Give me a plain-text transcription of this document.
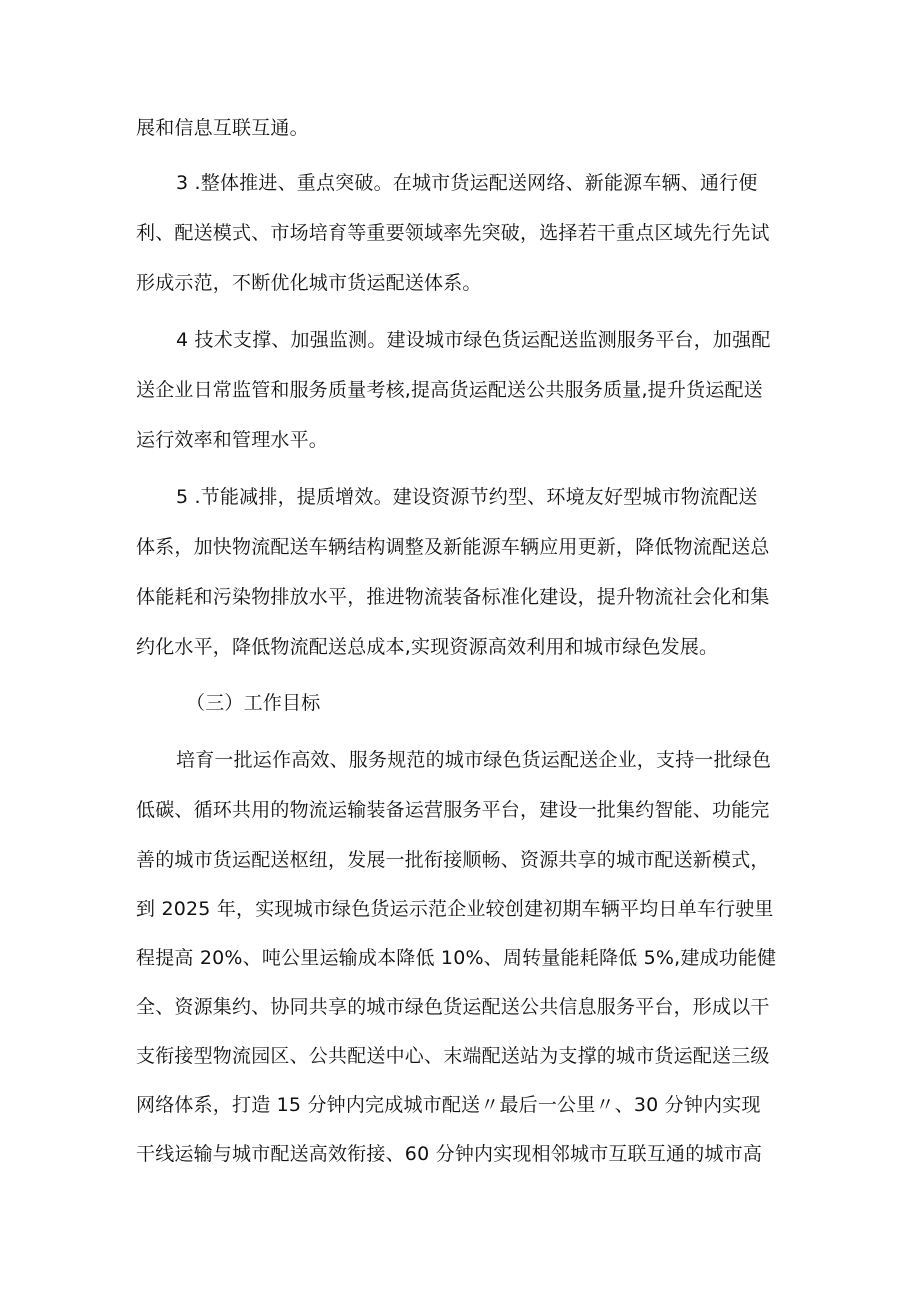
展和信息互联互通。
3 .整体推进、重点突破。在城市货运配送网络、新能源车辆、通行便
利、配送模式、市场培育等重要领域率先突破，选择若干重点区域先行先试
形成示范，不断优化城市货运配送体系。
4 技术支撑、加强监测。建设城市绿色货运配送监测服务平台，加强配
送企业日常监管和服务质量考核,提高货运配送公共服务质量,提升货运配送
运行效率和管理水平。
5 .节能减排，提质增效。建设资源节约型、环境友好型城市物流配送
体系，加快物流配送车辆结构调整及新能源车辆应用更新，降低物流配送总
体能耗和污染物排放水平，推进物流装备标准化建设，提升物流社会化和集
约化水平，降低物流配送总成本,实现资源高效利用和城市绿色发展。
（三）工作目标
培育一批运作高效、服务规范的城市绿色货运配送企业，支持一批绿色
低碳、循环共用的物流运输装备运营服务平台，建设一批集约智能、功能完
善的城市货运配送枢纽，发展一批衔接顺畅、资源共享的城市配送新模式，
到 2025 年，实现城市绿色货运示范企业较创建初期车辆平均日单车行驶里
程提高 20%、吨公里运输成本降低 10%、周转量能耗降低 5%,建成功能健
全、资源集约、协同共享的城市绿色货运配送公共信息服务平台，形成以干
支衔接型物流园区、公共配送中心、末端配送站为支撑的城市货运配送三级
网络体系，打造 15 分钟内完成城市配送〃最后一公里〃、30 分钟内实现
干线运输与城市配送高效衔接、60 分钟内实现相邻城市互联互通的城市高
